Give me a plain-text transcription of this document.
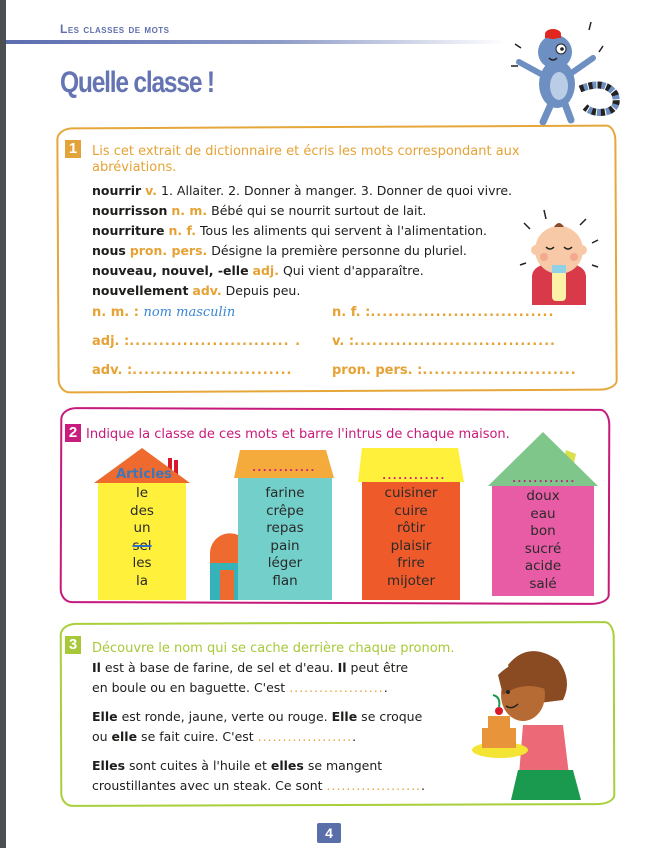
Les classes de mots
Quelle classe !
1 Lis cet extrait de dictionnaire et écris les mots correspondant aux abréviations.
nourrir v. 1. Allaiter. 2. Donner à manger. 3. Donner de quoi vivre.
nourrisson n. m. Bébé qui se nourrit surtout de lait.
nourriture n. f. Tous les aliments qui servent à l'alimentation.
nous pron. pers. Désigne la première personne du pluriel.
nouveau, nouvel, -elle adj. Qui vient d'apparaître.
nouvellement adv. Depuis peu.
n. m. : nom masculin	n. f. :...............................
adj. :........................... . v. :..................................
adv. :...........................	pron. pers. :..........................
2 Indique la classe de ces mots et barre l'intrus de chaque maison.
Articles
le
des
un
sel
les
la
............
farine
crêpe
repas
pain
léger
flan
............
cuisiner
cuire
rôtir
plaisir
frire
mijoter
............
doux
eau
bon
sucré
acide
salé
3 Découvre le nom qui se cache derrière chaque pronom.
Il est à base de farine, de sel et d'eau. Il peut être
en boule ou en baguette. C'est ....................
Elle est ronde, jaune, verte ou rouge. Elle se croque
ou elle se fait cuire. C'est ....................
Elles sont cuites à l'huile et elles se mangent
croustillantes avec un steak. Ce sont ....................
4
